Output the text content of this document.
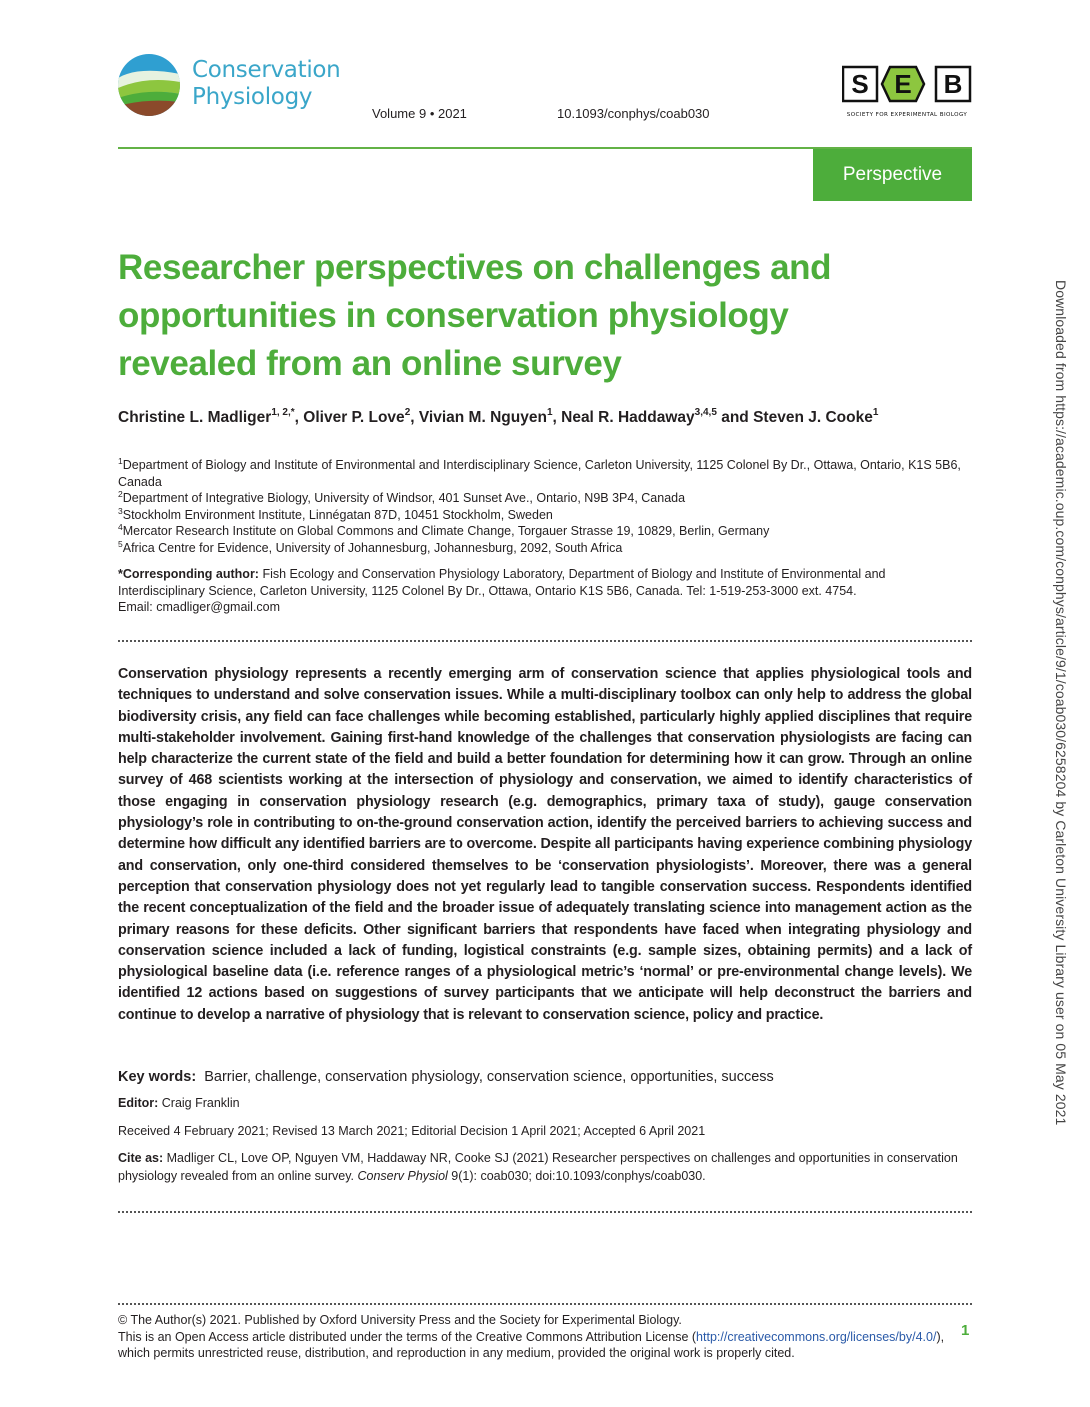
Conservation
Physiology
Volume 9 • 2021	10.1093/conphys/coab030
S E B
SOCIETY FOR EXPERIMENTAL BIOLOGY
Perspective
Researcher perspectives on challenges and opportunities in conservation physiology revealed from an online survey
Christine L. Madliger$^{1, 2,*}$, Oliver P. Love$^2$, Vivian M. Nguyen$^1$, Neal R. Haddaway$^{3,4,5}$ and Steven J. Cooke$^1$
$^1$Department of Biology and Institute of Environmental and Interdisciplinary Science, Carleton University, 1125 Colonel By Dr., Ottawa, Ontario, K1S 5B6, Canada
$^2$Department of Integrative Biology, University of Windsor, 401 Sunset Ave., Ontario, N9B 3P4, Canada
$^3$Stockholm Environment Institute, Linnégatan 87D, 10451 Stockholm, Sweden
$^4$Mercator Research Institute on Global Commons and Climate Change, Torgauer Strasse 19, 10829, Berlin, Germany
$^5$Africa Centre for Evidence, University of Johannesburg, Johannesburg, 2092, South Africa
*Corresponding author: Fish Ecology and Conservation Physiology Laboratory, Department of Biology and Institute of Environmental and Interdisciplinary Science, Carleton University, 1125 Colonel By Dr., Ottawa, Ontario K1S 5B6, Canada. Tel: 1-519-253-3000 ext. 4754.
Email: cmadliger@gmail.com
Conservation physiology represents a recently emerging arm of conservation science that applies physiological tools and techniques to understand and solve conservation issues. While a multi-disciplinary toolbox can only help to address the global biodiversity crisis, any field can face challenges while becoming established, particularly highly applied disciplines that require multi-stakeholder involvement. Gaining first-hand knowledge of the challenges that conservation physiologists are facing can help characterize the current state of the field and build a better foundation for determining how it can grow. Through an online survey of 468 scientists working at the intersection of physiology and conservation, we aimed to identify characteristics of those engaging in conservation physiology research (e.g. demographics, primary taxa of study), gauge conservation physiology’s role in contributing to on-the-ground conservation action, identify the perceived barriers to achieving success and determine how difficult any identified barriers are to overcome. Despite all participants having experience combining physiology and conservation, only one-third considered themselves to be ‘conservation physiologists’. Moreover, there was a general perception that conservation physiology does not yet regularly lead to tangible conservation success. Respondents identified the recent conceptualization of the field and the broader issue of adequately translating science into management action as the primary reasons for these deficits. Other significant barriers that respondents have faced when integrating physiology and conservation science included a lack of funding, logistical constraints (e.g. sample sizes, obtaining permits) and a lack of physiological baseline data (i.e. reference ranges of a physiological metric’s ‘normal’ or pre-environmental change levels). We identified 12 actions based on suggestions of survey participants that we anticipate will help deconstruct the barriers and continue to develop a narrative of physiology that is relevant to conservation science, policy and practice.
Key words: Barrier, challenge, conservation physiology, conservation science, opportunities, success
Editor: Craig Franklin
Received 4 February 2021; Revised 13 March 2021; Editorial Decision 1 April 2021; Accepted 6 April 2021
Cite as: Madliger CL, Love OP, Nguyen VM, Haddaway NR, Cooke SJ (2021) Researcher perspectives on challenges and opportunities in conservation physiology revealed from an online survey. Conserv Physiol 9(1): coab030; doi:10.1093/conphys/coab030.
© The Author(s) 2021. Published by Oxford University Press and the Society for Experimental Biology.
This is an Open Access article distributed under the terms of the Creative Commons Attribution License (http://creativecommons.org/licenses/by/4.0/), which permits unrestricted reuse, distribution, and reproduction in any medium, provided the original work is properly cited.
1
Downloaded from https://academic.oup.com/conphys/article/9/1/coab030/6258204 by Carleton University Library user on 05 May 2021
